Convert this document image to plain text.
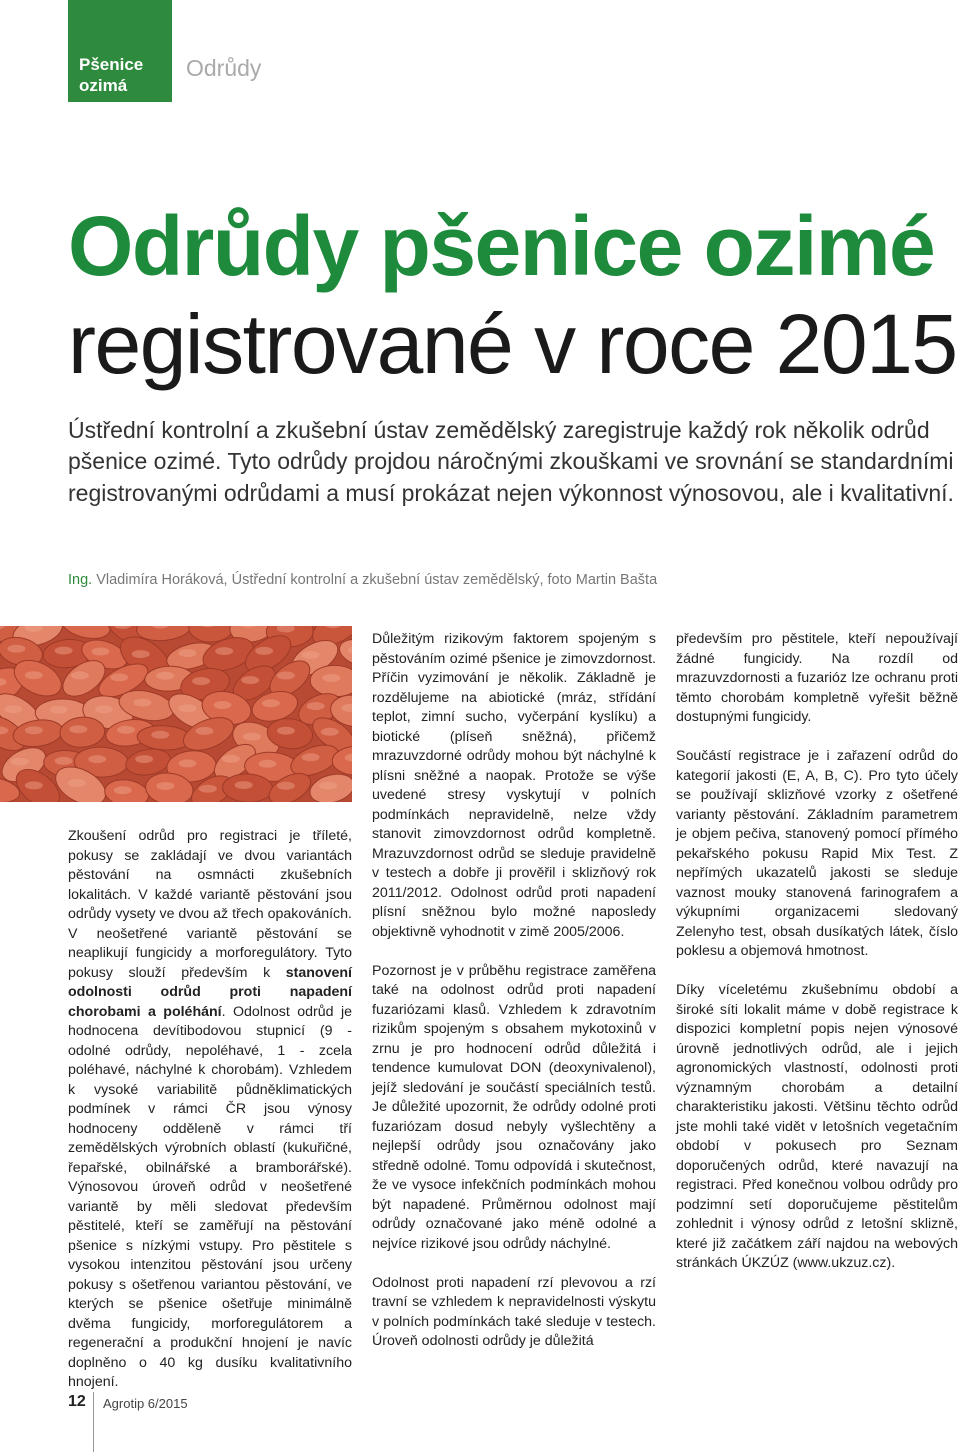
Pšenice ozimá
Odrůdy
Odrůdy pšenice ozimé
registrované v roce 2015

Ústřední kontrolní a zkušební ústav zemědělský zaregistruje každý rok několik odrůd pšenice ozimé. Tyto odrůdy projdou náročnými zkouškami ve srovnání se standardními registrovanými odrůdami a musí prokázat nejen výkonnost výnosovou, ale i kvalitativní.

Ing. Vladimíra Horáková, Ústřední kontrolní a zkušební ústav zemědělský, foto Martin Bašta

Zkoušení odrůd pro registraci je tříleté, pokusy se zakládají ve dvou variantách pěstování na osmnácti zkušebních lokalitách. V každé variantě pěstování jsou odrůdy vysety ve dvou až třech opakováních. V neošetřené variantě pěstování se neaplikují fungicidy a morforegulátory. Tyto pokusy slouží především k stanovení odolnosti odrůd proti napadení chorobami a poléhání. Odolnost odrůd je hodnocena devítibodovou stupnicí (9 - odolné odrůdy, nepoléhavé, 1 - zcela poléhavé, náchylné k chorobám). Vzhledem k vysoké variabilitě půdněklimatických podmínek v rámci ČR jsou výnosy hodnoceny odděleně v rámci tří zemědělských výrobních oblastí (kukuřičné, řepařské, obilnářské a bramborářské). Výnosovou úroveň odrůd v neošetřené variantě by měli sledovat především pěstitelé, kteří se zaměřují na pěstování pšenice s nízkými vstupy. Pro pěstitele s vysokou intenzitou pěstování jsou určeny pokusy s ošetřenou variantou pěstování, ve kterých se pšenice ošetřuje minimálně dvěma fungicidy, morforegulátorem a regenerační a produkční hnojení je navíc doplněno o 40 kg dusíku kvalitativního hnojení.

Důležitým rizikovým faktorem spojeným s pěstováním ozimé pšenice je zimovzdornost. Příčin vyzimování je několik. Základně je rozdělujeme na abiotické (mráz, střídání teplot, zimní sucho, vyčerpání kyslíku) a biotické (plíseň sněžná), přičemž mrazuvzdorné odrůdy mohou být náchylné k plísni sněžné a naopak. Protože se výše uvedené stresy vyskytují v polních podmínkách nepravidelně, nelze vždy stanovit zimovzdornost odrůd kompletně. Mrazuvzdornost odrůd se sleduje pravidelně v testech a dobře ji prověřil i sklizňový rok 2011/2012. Odolnost odrůd proti napadení plísní sněžnou bylo možné naposledy objektivně vyhodnotit v zimě 2005/2006.

Pozornost je v průběhu registrace zaměřena také na odolnost odrůd proti napadení fuzariózami klasů. Vzhledem k zdravotním rizikům spojeným s obsahem mykotoxinů v zrnu je pro hodnocení odrůd důležitá i tendence kumulovat DON (deoxynivalenol), jejíž sledování je součástí speciálních testů. Je důležité upozornit, že odrůdy odolné proti fuzariózam dosud nebyly vyšlechtěny a nejlepší odrůdy jsou označovány jako středně odolné. Tomu odpovídá i skutečnost, že ve vysoce infekčních podmínkách mohou být napadené. Průměrnou odolnost mají odrůdy označované jako méně odolné a nejvíce rizikové jsou odrůdy náchylné.

Odolnost proti napadení rzí plevovou a rzí travní se vzhledem k nepravidelnosti výskytu v polních podmínkách také sleduje v testech. Úroveň odolnosti odrůdy je důležitá

především pro pěstitele, kteří nepoužívají žádné fungicidy. Na rozdíl od mrazuvzdornosti a fuzarióz lze ochranu proti těmto chorobám kompletně vyřešit běžně dostupnými fungicidy.

Součástí registrace je i zařazení odrůd do kategorií jakosti (E, A, B, C). Pro tyto účely se používají sklizňové vzorky z ošetřené varianty pěstování. Základním parametrem je objem pečiva, stanovený pomocí přímého pekařského pokusu Rapid Mix Test. Z nepřímých ukazatelů jakosti se sleduje vaznost mouky stanovená farinografem a výkupními organizacemi sledovaný Zelenyho test, obsah dusíkatých látek, číslo poklesu a objemová hmotnost.

Díky víceletému zkušebnímu období a široké síti lokalit máme v době registrace k dispozici kompletní popis nejen výnosové úrovně jednotlivých odrůd, ale i jejich agronomických vlastností, odolnosti proti významným chorobám a detailní charakteristiku jakosti. Většinu těchto odrůd jste mohli také vidět v letošních vegetačním období v pokusech pro Seznam doporučených odrůd, které navazují na registraci. Před konečnou volbou odrůdy pro podzimní setí doporučujeme pěstitelům zohlednit i výnosy odrůd z letošní sklizně, které již začátkem září najdou na webových stránkách ÚKZÚZ (www.ukzuz.cz).

12 Agrotip 6/2015
